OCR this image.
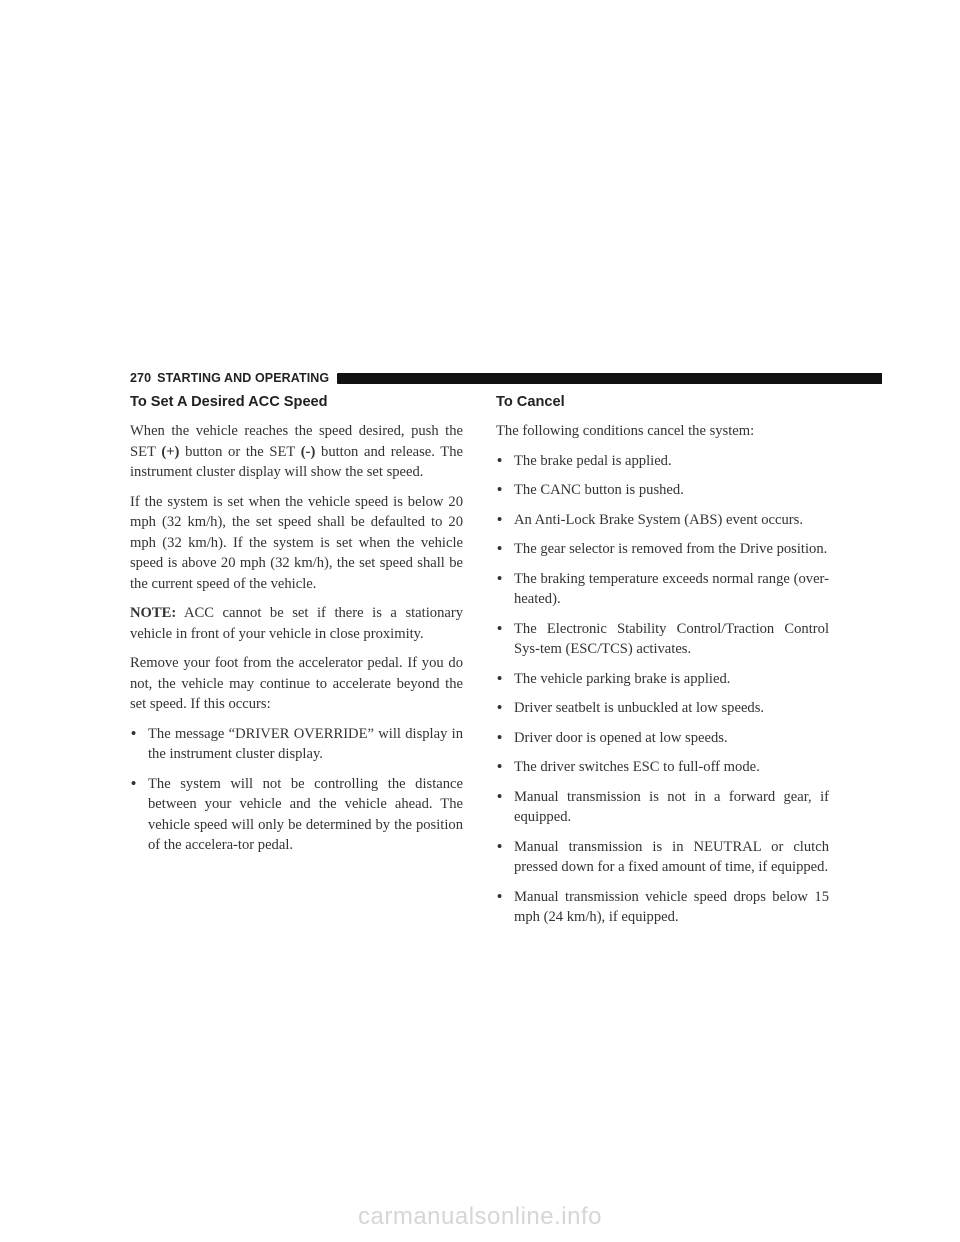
270 STARTING AND OPERATING
To Set A Desired ACC Speed

When the vehicle reaches the speed desired, push the SET (+) button or the SET (-) button and release. The instrument cluster display will show the set speed.

If the system is set when the vehicle speed is below 20 mph (32 km/h), the set speed shall be defaulted to 20 mph (32 km/h). If the system is set when the vehicle speed is above 20 mph (32 km/h), the set speed shall be the current speed of the vehicle.

NOTE: ACC cannot be set if there is a stationary vehicle in front of your vehicle in close proximity.

Remove your foot from the accelerator pedal. If you do not, the vehicle may continue to accelerate beyond the set speed. If this occurs:

• The message “DRIVER OVERRIDE” will display in the instrument cluster display.
• The system will not be controlling the distance between your vehicle and the vehicle ahead. The vehicle speed will only be determined by the position of the accelera-tor pedal.
To Cancel

The following conditions cancel the system:

• The brake pedal is applied.
• The CANC button is pushed.
• An Anti-Lock Brake System (ABS) event occurs.
• The gear selector is removed from the Drive position.
• The braking temperature exceeds normal range (over-heated).
• The Electronic Stability Control/Traction Control Sys-tem (ESC/TCS) activates.
• The vehicle parking brake is applied.
• Driver seatbelt is unbuckled at low speeds.
• Driver door is opened at low speeds.
• The driver switches ESC to full-off mode.
• Manual transmission is not in a forward gear, if equipped.
• Manual transmission is in NEUTRAL or clutch pressed down for a fixed amount of time, if equipped.
• Manual transmission vehicle speed drops below 15 mph (24 km/h), if equipped.
carmanualsonline.info
